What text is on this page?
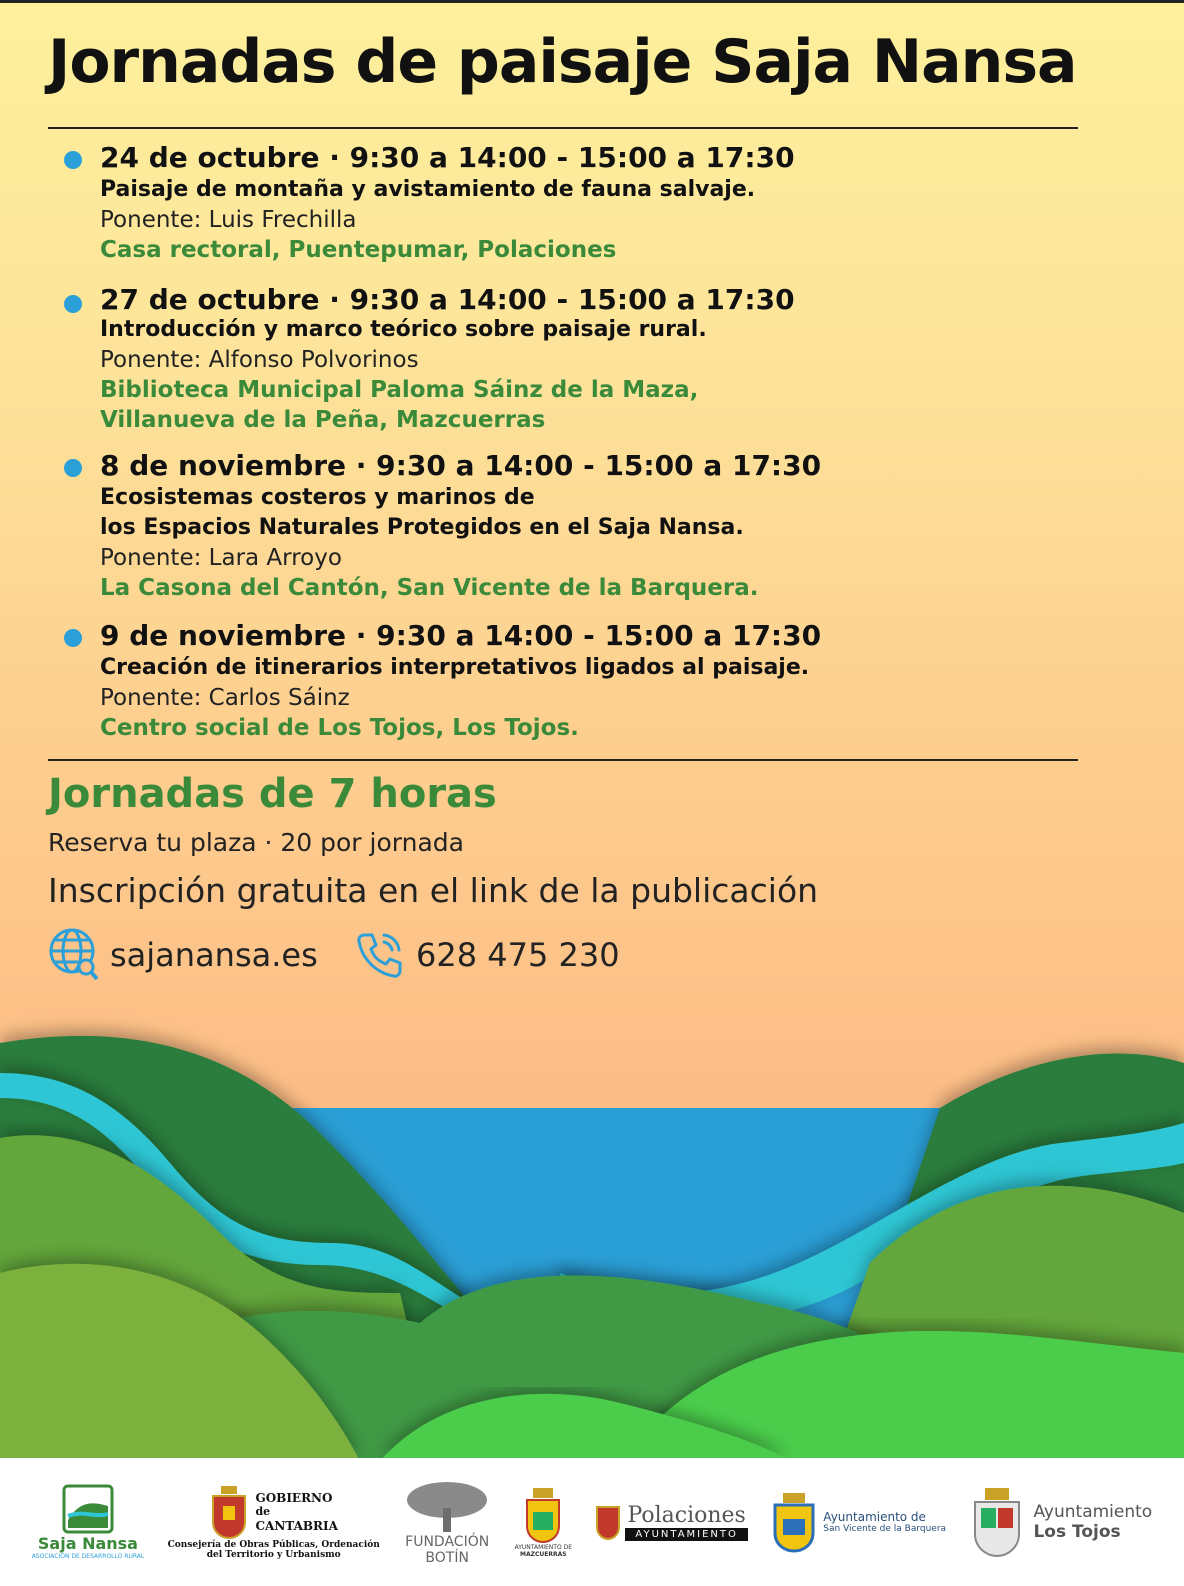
Jornadas de paisaje Saja Nansa
24 de octubre · 9:30 a 14:00 - 15:00 a 17:30
Paisaje de montaña y avistamiento de fauna salvaje.
Ponente: Luis Frechilla
Casa rectoral, Puentepumar, Polaciones
27 de octubre · 9:30 a 14:00 - 15:00 a 17:30
Introducción y marco teórico sobre paisaje rural.
Ponente: Alfonso Polvorinos
Biblioteca Municipal Paloma Sáinz de la Maza,
Villanueva de la Peña, Mazcuerras
8 de noviembre · 9:30 a 14:00 - 15:00 a 17:30
Ecosistemas costeros y marinos de
los Espacios Naturales Protegidos en el Saja Nansa.
Ponente: Lara Arroyo
La Casona del Cantón, San Vicente de la Barquera.
9 de noviembre · 9:30 a 14:00 - 15:00 a 17:30
Creación de itinerarios interpretativos ligados al paisaje.
Ponente: Carlos Sáinz
Centro social de Los Tojos, Los Tojos.
Jornadas de 7 horas
Reserva tu plaza · 20 por jornada
Inscripción gratuita en el link de la publicación
sajanansa.es	628 475 230
Saja Nansa
ASOCIACIÓN DE DESARROLLO RURAL
GOBIERNO
de
CANTABRIA
Consejería de Obras Públicas, Ordenación
del Territorio y Urbanismo
FUNDACIÓN
BOTÍN
AYUNTAMIENTO DE
MAZCUERRAS
Polaciones
AYUNTAMIENTO
Ayuntamiento de
San Vicente de la Barquera
Ayuntamiento
Los Tojos
